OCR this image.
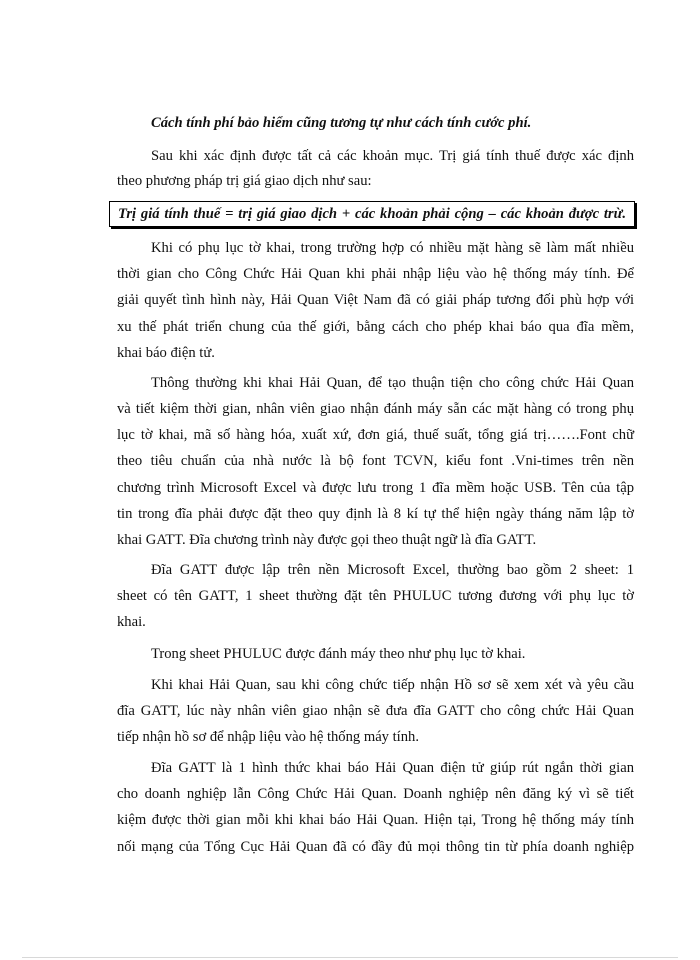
Cách tính phí bảo hiểm cũng tương tự như cách tính cước phí.
Sau khi xác định được tất cả các khoản mục. Trị giá tính thuế được xác định
theo phương pháp trị giá giao dịch như sau:
Trị giá tính thuế = trị giá giao dịch + các khoản phải cộng – các khoản được trừ.
Khi có phụ lục tờ khai, trong trường hợp có nhiều mặt hàng sẽ làm mất nhiều
thời gian cho Công Chức Hải Quan khi phải nhập liệu vào hệ thống máy tính. Để
giải quyết tình hình này, Hải Quan Việt Nam đã có giải pháp tương đối phù hợp với
xu thế phát triển chung của thế giới, bằng cách cho phép khai báo qua đĩa mềm,
khai báo điện tử.
Thông thường khi khai Hải Quan, để tạo thuận tiện cho công chức Hải Quan
và tiết kiệm thời gian, nhân viên giao nhận đánh máy sẵn các mặt hàng có trong phụ
lục tờ khai, mã số hàng hóa, xuất xứ, đơn giá, thuế suất, tổng giá trị…….Font chữ
theo tiêu chuẩn của nhà nước là bộ font TCVN, kiểu font .Vni-times trên nền
chương trình Microsoft Excel và được lưu trong 1 đĩa mềm hoặc USB. Tên của tập
tin trong đĩa phải được đặt theo quy định là 8 kí tự thể hiện ngày tháng năm lập tờ
khai GATT. Đĩa chương trình này được gọi theo thuật ngữ là đĩa GATT.
Đĩa GATT được lập trên nền Microsoft Excel, thường bao gồm 2 sheet: 1
sheet có tên GATT, 1 sheet thường đặt tên PHULUC tương đương với phụ lục tờ
khai.
Trong sheet PHULUC được đánh máy theo như phụ lục tờ khai.
Khi khai Hải Quan, sau khi công chức tiếp nhận Hồ sơ sẽ xem xét và yêu cầu
đĩa GATT, lúc này nhân viên giao nhận sẽ đưa đĩa GATT cho công chức Hải Quan
tiếp nhận hồ sơ để nhập liệu vào hệ thống máy tính.
Đĩa GATT là 1 hình thức khai báo Hải Quan điện tử giúp rút ngắn thời gian
cho doanh nghiệp lẫn Công Chức Hải Quan. Doanh nghiệp nên đăng ký vì sẽ tiết
kiệm được thời gian mỗi khi khai báo Hải Quan. Hiện tại, Trong hệ thống máy tính
nối mạng của Tổng Cục Hải Quan đã có đầy đủ mọi thông tin từ phía doanh nghiệp
